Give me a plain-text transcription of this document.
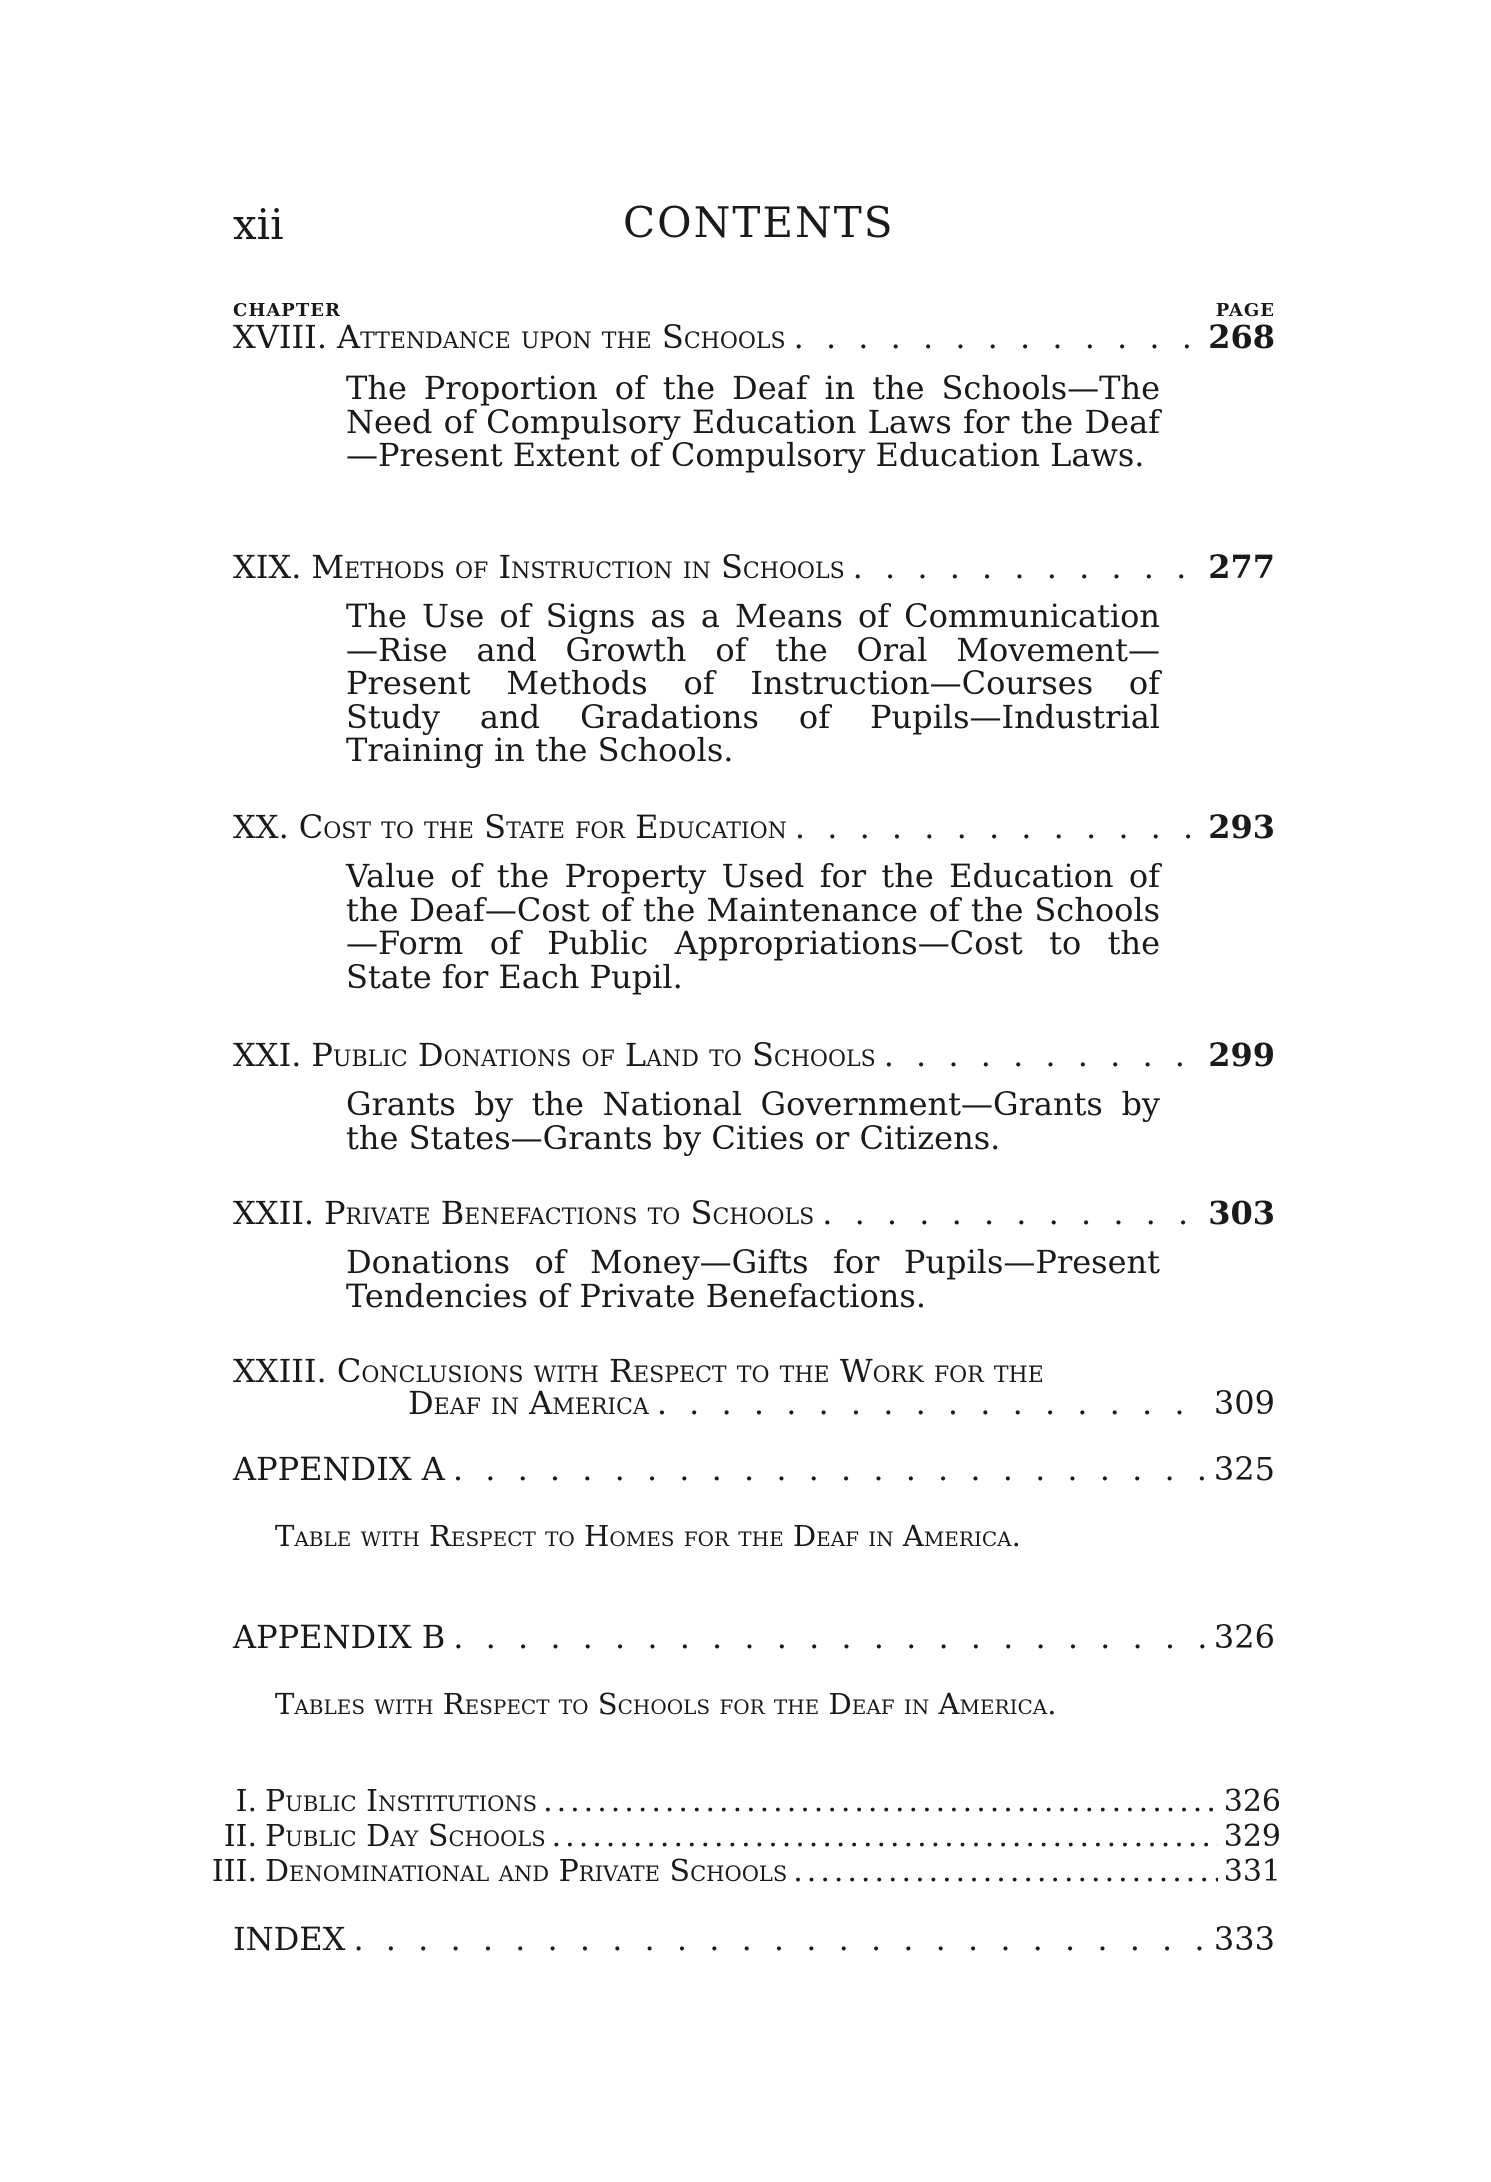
xii	CONTENTS
CHAPTER	PAGE
XVIII. Attendance upon the Schools . . .	268
The Proportion of the Deaf in the Schools—The Need of Compulsory Education Laws for the Deaf—Present Extent of Compulsory Education Laws.
XIX. Methods of Instruction in Schools . . .	277
The Use of Signs as a Means of Communication —Rise and Growth of the Oral Movement— Present Methods of Instruction—Courses of Study and Gradations of Pupils—Industrial Training in the Schools.
XX. Cost to the State for Education . . .	293
Value of the Property Used for the Education of the Deaf—Cost of the Maintenance of the Schools —Form of Public Appropriations—Cost to the State for Each Pupil.
XXI. Public Donations of Land to Schools . . .	299
Grants by the National Government—Grants by the States—Grants by Cities or Citizens.
XXII. Private Benefactions to Schools . . .	303
Donations of Money—Gifts for Pupils—Present Tendencies of Private Benefactions.
XXIII. Conclusions with Respect to the Work for the
Deaf in America . . .	309
APPENDIX A . . .	325
Table with Respect to Homes for the Deaf in America.
APPENDIX B . . .	326
Tables with Respect to Schools for the Deaf in America.
I. Public Institutions .....	326
II. Public Day Schools .....	329
III. Denominational and Private Schools .....	331
INDEX . . .	333
